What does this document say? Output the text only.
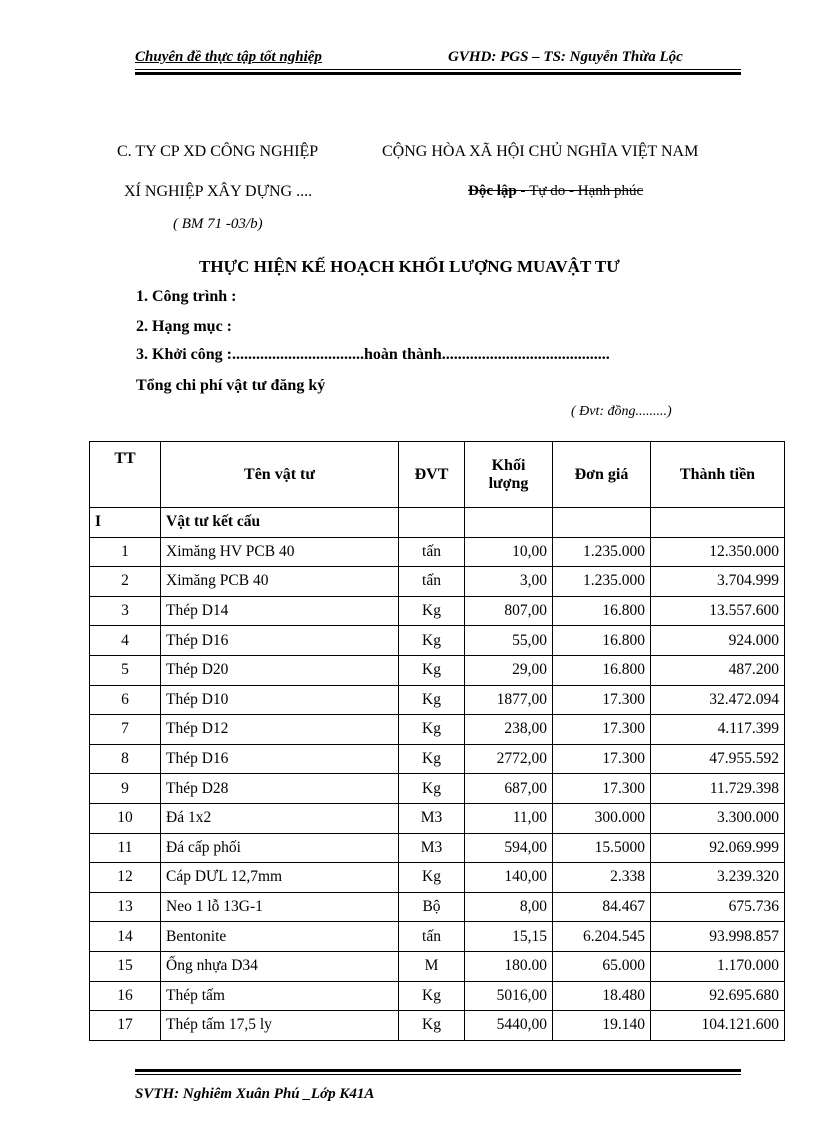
Chuyên đề thực tập tốt nghiệp	GVHD: PGS – TS: Nguyễn Thừa Lộc
C. TY CP XD CÔNG NGHIỆP	CỘNG HÒA XÃ HỘI CHỦ NGHĨA VIỆT NAM
XÍ NGHIỆP XÂY DỰNG ....	Độc lập - Tự do - Hạnh phúc
( BM 71 -03/b)
THỰC HIỆN KẾ HOẠCH KHỐI LƯỢNG MUAVẬT TƯ
1. Công trình :
2. Hạng mục :
3. Khởi công :.................................hoàn thành..........................................
Tổng chi phí vật tư đăng ký
( Đvt: đồng.........)
TT	Tên vật tư	ĐVT	Khối lượng	Đơn giá	Thành tiền
I	Vật tư kết cấu				
1	Ximăng HV PCB 40	tấn	10,00	1.235.000	12.350.000
2	Ximăng PCB 40	tấn	3,00	1.235.000	3.704.999
3	Thép D14	Kg	807,00	16.800	13.557.600
4	Thép D16	Kg	55,00	16.800	924.000
5	Thép D20	Kg	29,00	16.800	487.200
6	Thép D10	Kg	1877,00	17.300	32.472.094
7	Thép D12	Kg	238,00	17.300	4.117.399
8	Thép D16	Kg	2772,00	17.300	47.955.592
9	Thép D28	Kg	687,00	17.300	11.729.398
10	Đá 1x2	M3	11,00	300.000	3.300.000
11	Đá cấp phối	M3	594,00	15.5000	92.069.999
12	Cáp DƯL 12,7mm	Kg	140,00	2.338	3.239.320
13	Neo 1 lỗ 13G-1	Bộ	8,00	84.467	675.736
14	Bentonite	tấn	15,15	6.204.545	93.998.857
15	Ống nhựa D34	M	180.00	65.000	1.170.000
16	Thép tấm	Kg	5016,00	18.480	92.695.680
17	Thép tấm 17,5 ly	Kg	5440,00	19.140	104.121.600
SVTH: Nghiêm Xuân Phú _Lớp K41A
